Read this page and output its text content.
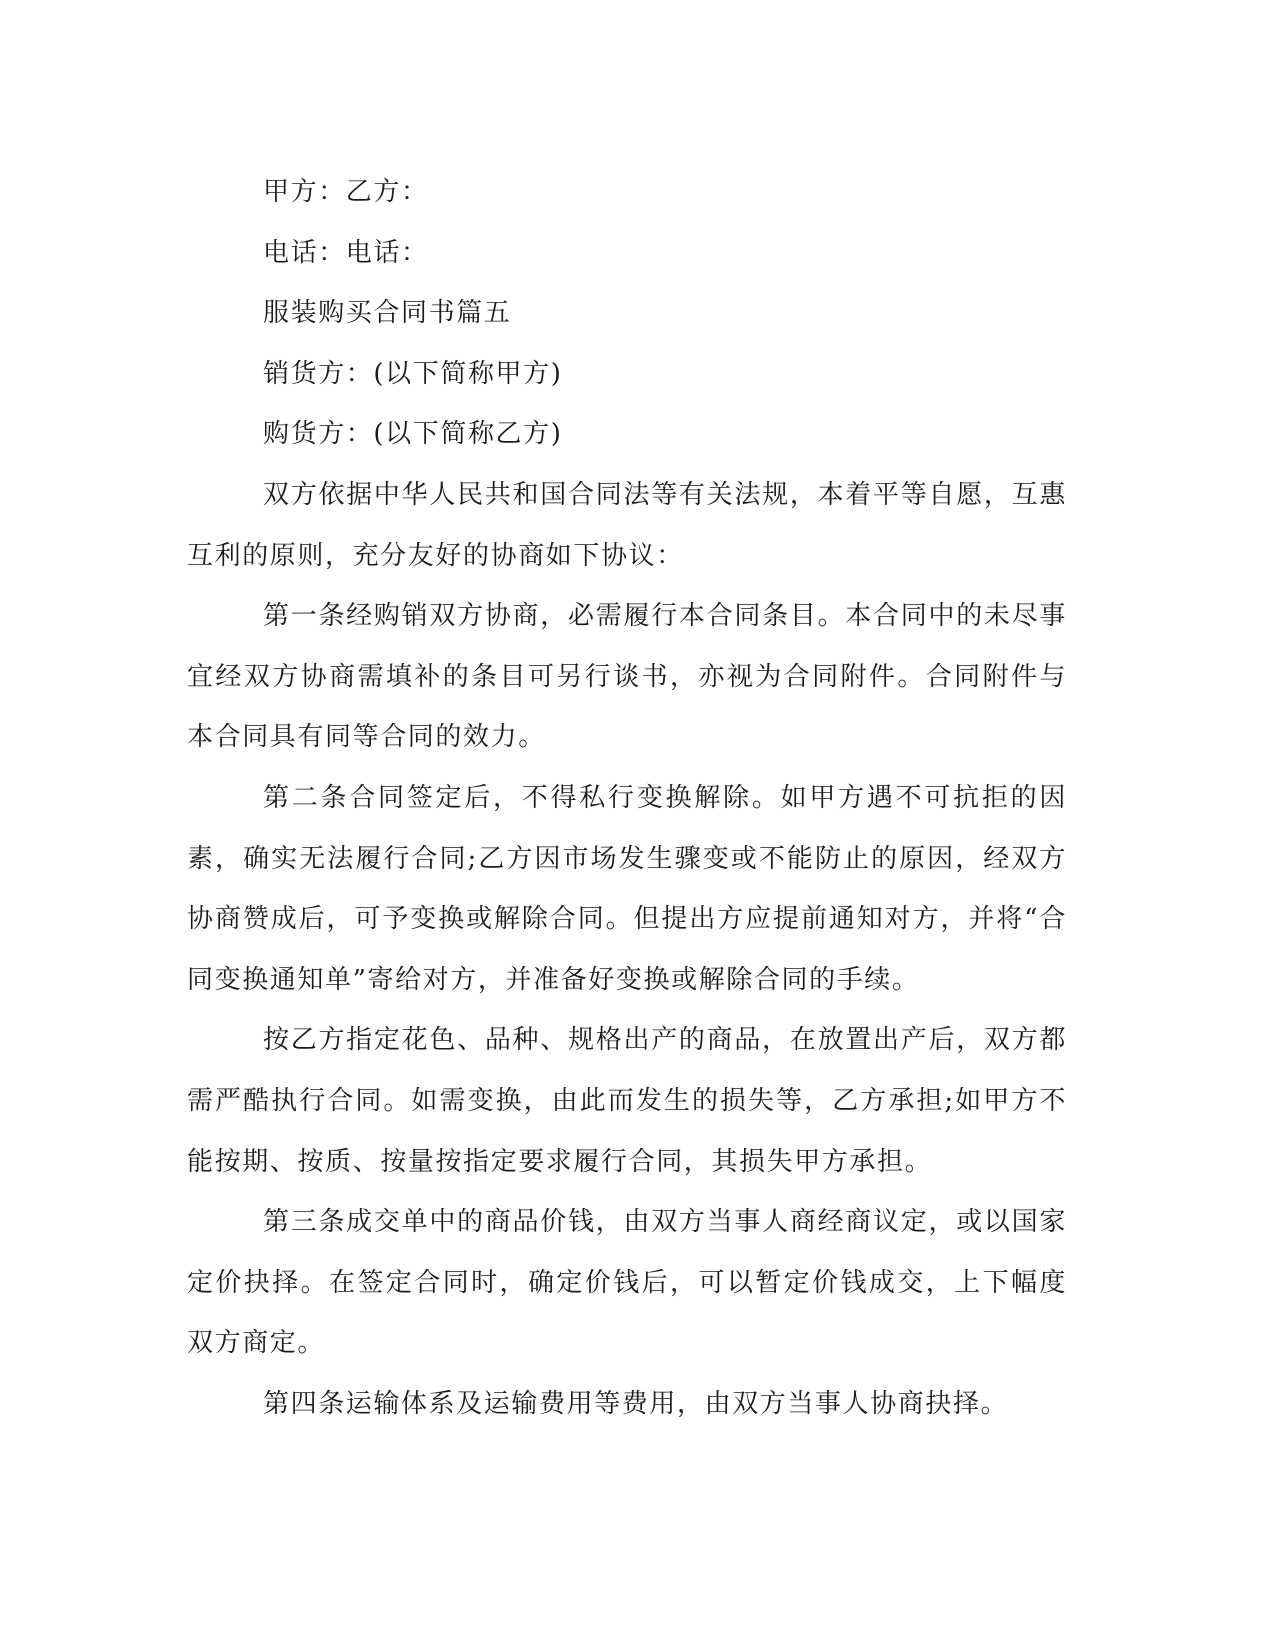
甲方：乙方：

电话：电话：

服装购买合同书篇五

销货方：(以下简称甲方)

购货方：(以下简称乙方)

双方依据中华人民共和国合同法等有关法规，本着平等自愿，互惠互利的原则，充分友好的协商如下协议：

第一条经购销双方协商，必需履行本合同条目。本合同中的未尽事宜经双方协商需填补的条目可另行谈书，亦视为合同附件。合同附件与本合同具有同等合同的效力。

第二条合同签定后，不得私行变换解除。如甲方遇不可抗拒的因素，确实无法履行合同;乙方因市场发生骤变或不能防止的原因，经双方协商赞成后，可予变换或解除合同。但提出方应提前通知对方，并将“合同变换通知单”寄给对方，并准备好变换或解除合同的手续。

按乙方指定花色、品种、规格出产的商品，在放置出产后，双方都需严酷执行合同。如需变换，由此而发生的损失等，乙方承担;如甲方不能按期、按质、按量按指定要求履行合同，其损失甲方承担。

第三条成交单中的商品价钱，由双方当事人商经商议定，或以国家定价抉择。在签定合同时，确定价钱后，可以暂定价钱成交，上下幅度双方商定。

第四条运输体系及运输费用等费用，由双方当事人协商抉择。
